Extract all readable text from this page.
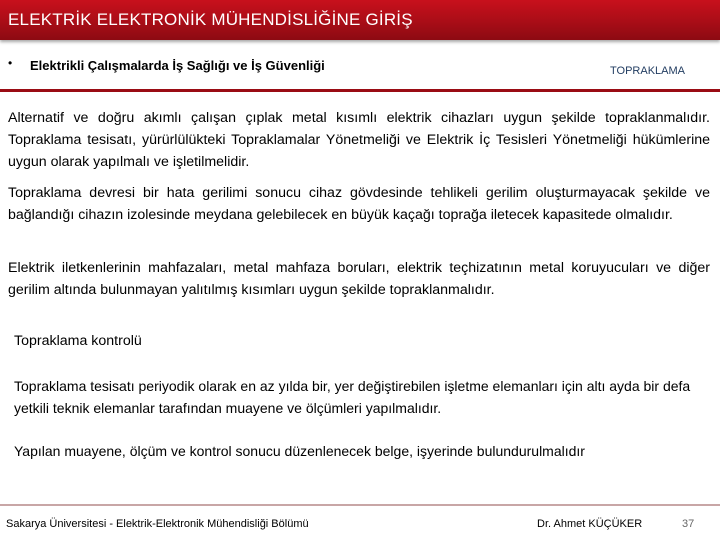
ELEKTRİK ELEKTRONİK MÜHENDİSLİĞİNE GİRİŞ
• Elektrikli Çalışmalarda İş Sağlığı ve İş Güvenliği	TOPRAKLAMA
Alternatif ve doğru akımlı çalışan çıplak metal kısımlı elektrik cihazları uygun şekilde topraklanmalıdır. Topraklama tesisatı, yürürlülükteki Topraklamalar Yönetmeliği ve Elektrik İç Tesisleri Yönetmeliği hükümlerine uygun olarak yapılmalı ve işletilmelidir.
Topraklama devresi bir hata gerilimi sonucu cihaz gövdesinde tehlikeli gerilim oluşturmayacak şekilde ve bağlandığı cihazın izolesinde meydana gelebilecek en büyük kaçağı toprağa iletecek kapasitede olmalıdır.
Elektrik iletkenlerinin mahfazaları, metal mahfaza boruları, elektrik teçhizatının metal koruyucuları ve diğer gerilim altında bulunmayan yalıtılmış kısımları uygun şekilde topraklanmalıdır.
Topraklama kontrolü
Topraklama tesisatı periyodik olarak en az yılda bir, yer değiştirebilen işletme elemanları için altı ayda bir defa yetkili teknik elemanlar tarafından muayene ve ölçümleri yapılmalıdır.
Yapılan muayene, ölçüm ve kontrol sonucu düzenlenecek belge, işyerinde bulundurulmalıdır
Sakarya Üniversitesi - Elektrik-Elektronik Mühendisliği Bölümü	Dr. Ahmet KÜÇÜKER	37
